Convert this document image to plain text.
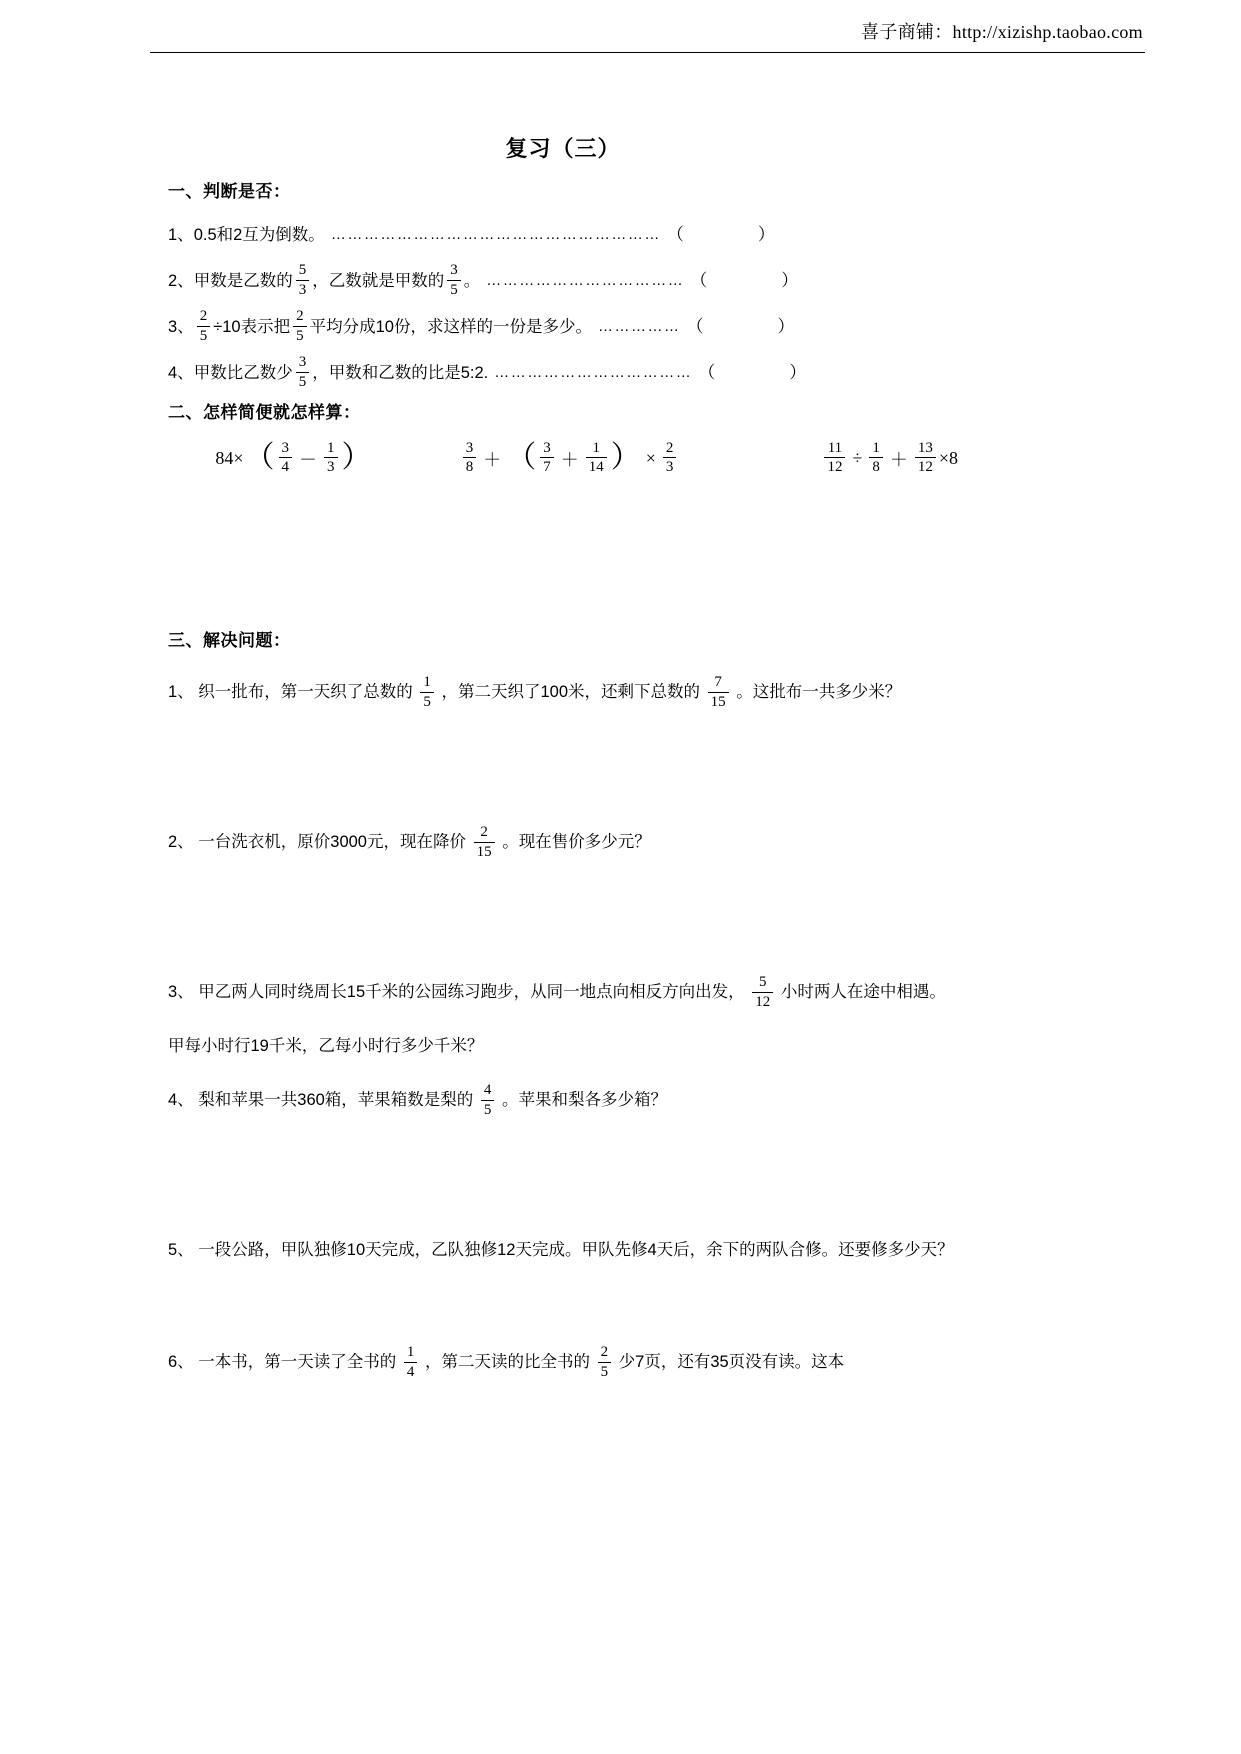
喜子商铺：http://xizishp.taobao.com
复习（三）
一、判断是否：
1、 0.5和2互为倒数。 …………………………………………………… （	）
2、 甲数是乙数的 $\frac{5}{3}$ ，乙数就是甲数的 $\frac{3}{5}$ 。 ……………………………… （	）
3、 $\frac{2}{5} \div 10$表示把 $\frac{2}{5}$ 平均分成10份，求这样的一份是多少。 …………… （	）
4、 甲数比乙数少 $\frac{3}{5}$ ，甲数和乙数的比是5:2. ……………………………… （	）
二、怎样简便就怎样算：
84× （ $\frac{3}{4} - \frac{1}{3}$ ）	$\frac{3}{8}$ ＋ （ $\frac{3}{7} + \frac{1}{14}$ ） × $\frac{2}{3}$	$\frac{11}{12} \div \frac{1}{8} + \frac{13}{12} \times 8$
三、解决问题：
1、 织一批布，第一天织了总数的 $\frac{1}{5}$ ，第二天织了100米，还剩下总数的 $\frac{7}{15}$ 。这批布一共多少米？
2、 一台洗衣机，原价3000元，现在降价 $\frac{2}{15}$ 。现在售价多少元？
3、 甲乙两人同时绕周长15千米的公园练习跑步，从同一地点向相反方向出发， $\frac{5}{12}$ 小时两人在途中相遇。甲每小时行19千米，乙每小时行多少千米？
4、 梨和苹果一共360箱，苹果箱数是梨的 $\frac{4}{5}$ 。苹果和梨各多少箱？
5、 一段公路，甲队独修10天完成，乙队独修12天完成。甲队先修4天后，余下的两队合修。还要修多少天？
6、 一本书，第一天读了全书的 $\frac{1}{4}$ ，第二天读的比全书的 $\frac{2}{5}$ 少7页，还有35页没有读。这本
